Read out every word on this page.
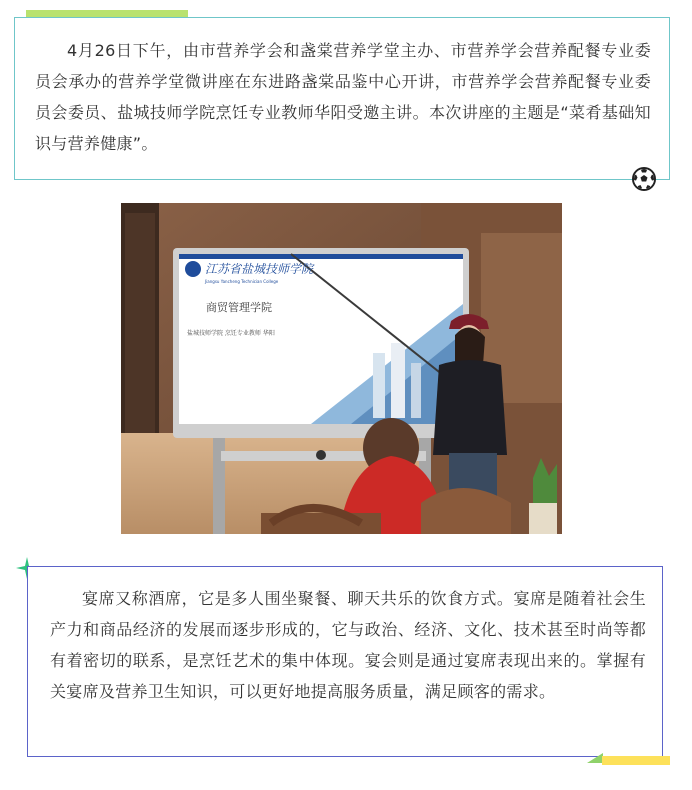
4月26日下午，由市营养学会和盏棠营养学堂主办、市营养学会营养配餐专业委员会承办的营养学堂微讲座在东进路盏棠品鉴中心开讲，市营养学会营养配餐专业委员会委员、盐城技师学院烹饪专业教师华阳受邀主讲。本次讲座的主题是“菜肴基础知识与营养健康”。

江苏省盐城技师学院
Jiangsu Yancheng Technician College
商贸管理学院
盐城技师学院 烹饪专业教师 华阳

宴席又称酒席，它是多人围坐聚餐、聊天共乐的饮食方式。宴席是随着社会生产力和商品经济的发展而逐步形成的，它与政治、经济、文化、技术甚至时尚等都有着密切的联系，是烹饪艺术的集中体现。宴会则是通过宴席表现出来的。掌握有关宴席及营养卫生知识，可以更好地提高服务质量，满足顾客的需求。
